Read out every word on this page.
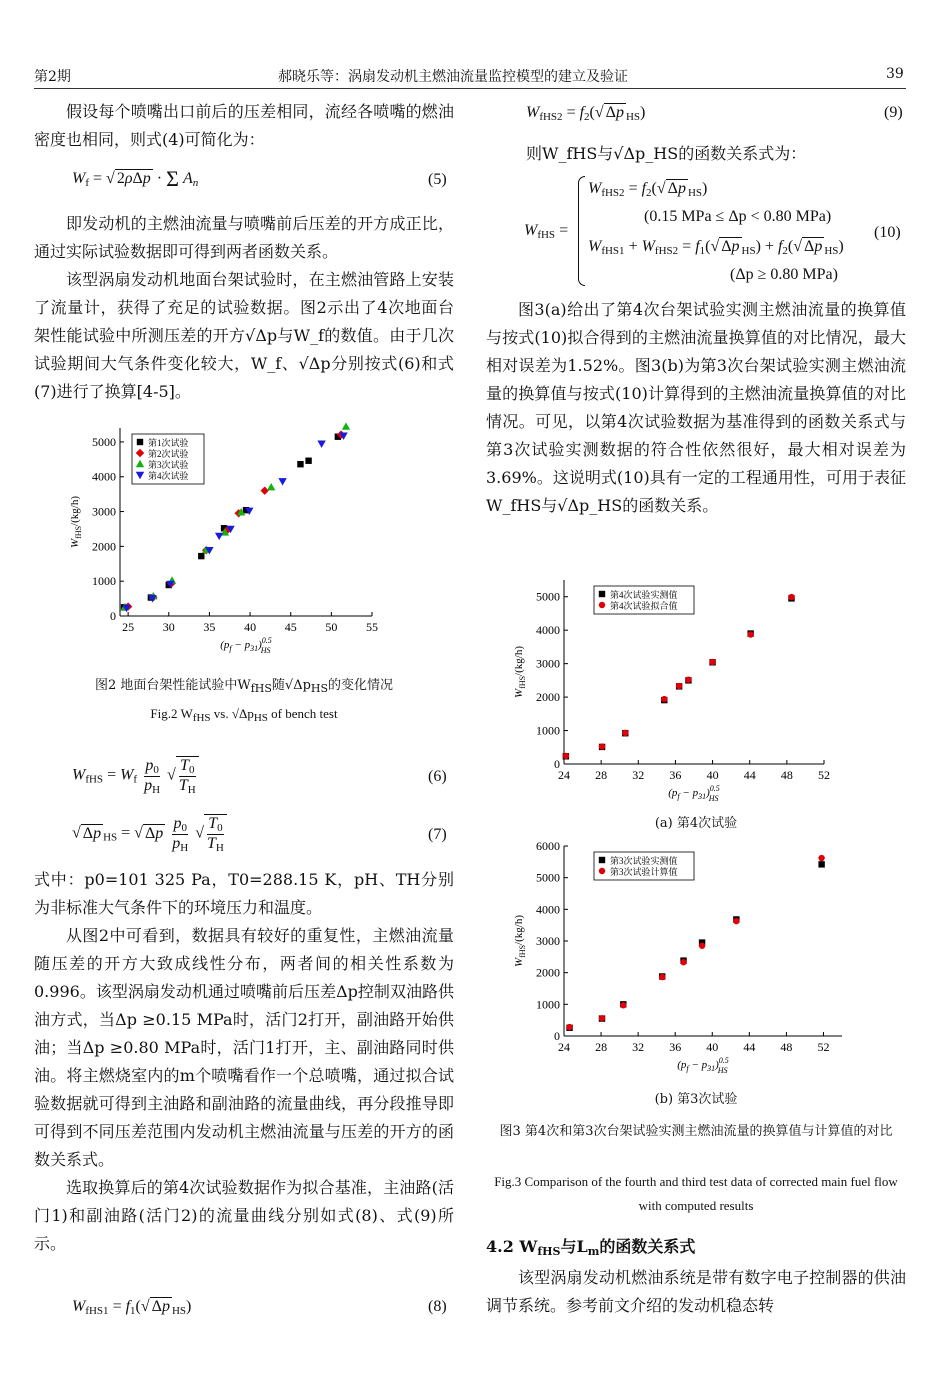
第2期	郝晓乐等：涡扇发动机主燃油流量监控模型的建立及验证	39

假设每个喷嘴出口前后的压差相同，流经各喷嘴的燃油密度也相同，则式(4)可简化为：

$W_f$ = √ 2ρΔp · Σ $A_n$	(5)

即发动机的主燃油流量与喷嘴前后压差的开方成正比，通过实际试验数据即可得到两者函数关系。

该型涡扇发动机地面台架试验时，在主燃油管路上安装了流量计，获得了充足的试验数据。图2示出了4次地面台架性能试验中所测压差的开方√Δp与W_f的数值。由于几次试验期间大气条件变化较大，W_f、√Δp分别按式(6)和式(7)进行了换算[4-5]。

25 30 35 40 45 50 55
0
1000
2000
3000
4000
5000
$(p_f - p_{31})^{0.5}$ HS
$W_{fHS}/(kg/h)$
第1次试验
第2次试验
第3次试验
第4次试验
图2 地面台架性能试验中$W_{fHS}$随$√\Delta p_{HS}$的变化情况
Fig.2 $W_{fHS}$ vs. $√\Delta p_{HS}$ of bench test
$W_{fHS} = W_f \frac{p_0}{p_H}$ √ $\frac{T_0}{T_H}$	(6)
√ Δp $_{HS}$ = √ Δp $\frac{p_0}{p_H}$ √ $\frac{T_0}{T_H}$	(7)

式中：p0=101 325 Pa，T0=288.15 K，pH、TH分别为非标准大气条件下的环境压力和温度。

从图2中可看到，数据具有较好的重复性，主燃油流量随压差的开方大致成线性分布，两者间的相关性系数为0.996。该型涡扇发动机通过喷嘴前后压差Δp控制双油路供油方式，当Δp ≥0.15 MPa时，活门2打开，副油路开始供油；当Δp ≥0.80 MPa时，活门1打开，主、副油路同时供油。将主燃烧室内的m个喷嘴看作一个总喷嘴，通过拟合试验数据就可得到主油路和副油路的流量曲线，再分段推导即可得到不同压差范围内发动机主燃油流量与压差的开方的函数关系式。

选取换算后的第4次试验数据作为拟合基准，主油路(活门1)和副油路(活门2)的流量曲线分别如式(8)、式(9)所示。

$W_{fHS1} = f_1(√$ Δp $_{HS}$)	(8)
$W_{fHS2} = f_2(√$ Δp $_{HS}$)	(9)
则W_fHS与√Δp_HS的函数关系式为：
$W_{fHS}$ =
$W_{fHS2} = f_2(√$ Δp $_{HS}$)
(0.15 MPa ≤ Δp < 0.80 MPa)
$W_{fHS1} + W_{fHS2} = f_1(√$ Δp $_{HS}) + f_2(√$ Δp $_{HS}$)
(Δp ≥ 0.80 MPa)
(10)

图3(a)给出了第4次台架试验实测主燃油流量的换算值与按式(10)拟合得到的主燃油流量换算值的对比情况，最大相对误差为1.52%。图3(b)为第3次台架试验实测主燃油流量的换算值与按式(10)计算得到的主燃油流量换算值的对比情况。可见，以第4次试验数据为基准得到的函数关系式与第3次试验实测数据的符合性依然很好，最大相对误差为3.69%。这说明式(10)具有一定的工程通用性，可用于表征W_fHS与√Δp_HS的函数关系。

24 28 32 36 40 44 48 52
0
1000
2000
3000
4000
5000
$(p_f - p_{31})^{0.5}$ HS
$W_{fHS}/(kg/h)$
第4次试验实测值
第4次试验拟合值
(a) 第4次试验
24 28 32 36 40 44 48 52
0
1000
2000
3000
4000
5000
6000
$(p_f - p_{31})^{0.5}$ HS
$W_{fHS}/(kg/h)$
第3次试验实测值
第3次试验计算值
(b) 第3次试验
图3 第4次和第3次台架试验实测主燃油流量的换算值与计算值的对比
Fig.3 Comparison of the fourth and third test data of corrected main fuel flow with computed results
4.2 $W_{fHS}$与$L_m$的函数关系式

该型涡扇发动机燃油系统是带有数字电子控制器的供油调节系统。参考前文介绍的发动机稳态转
